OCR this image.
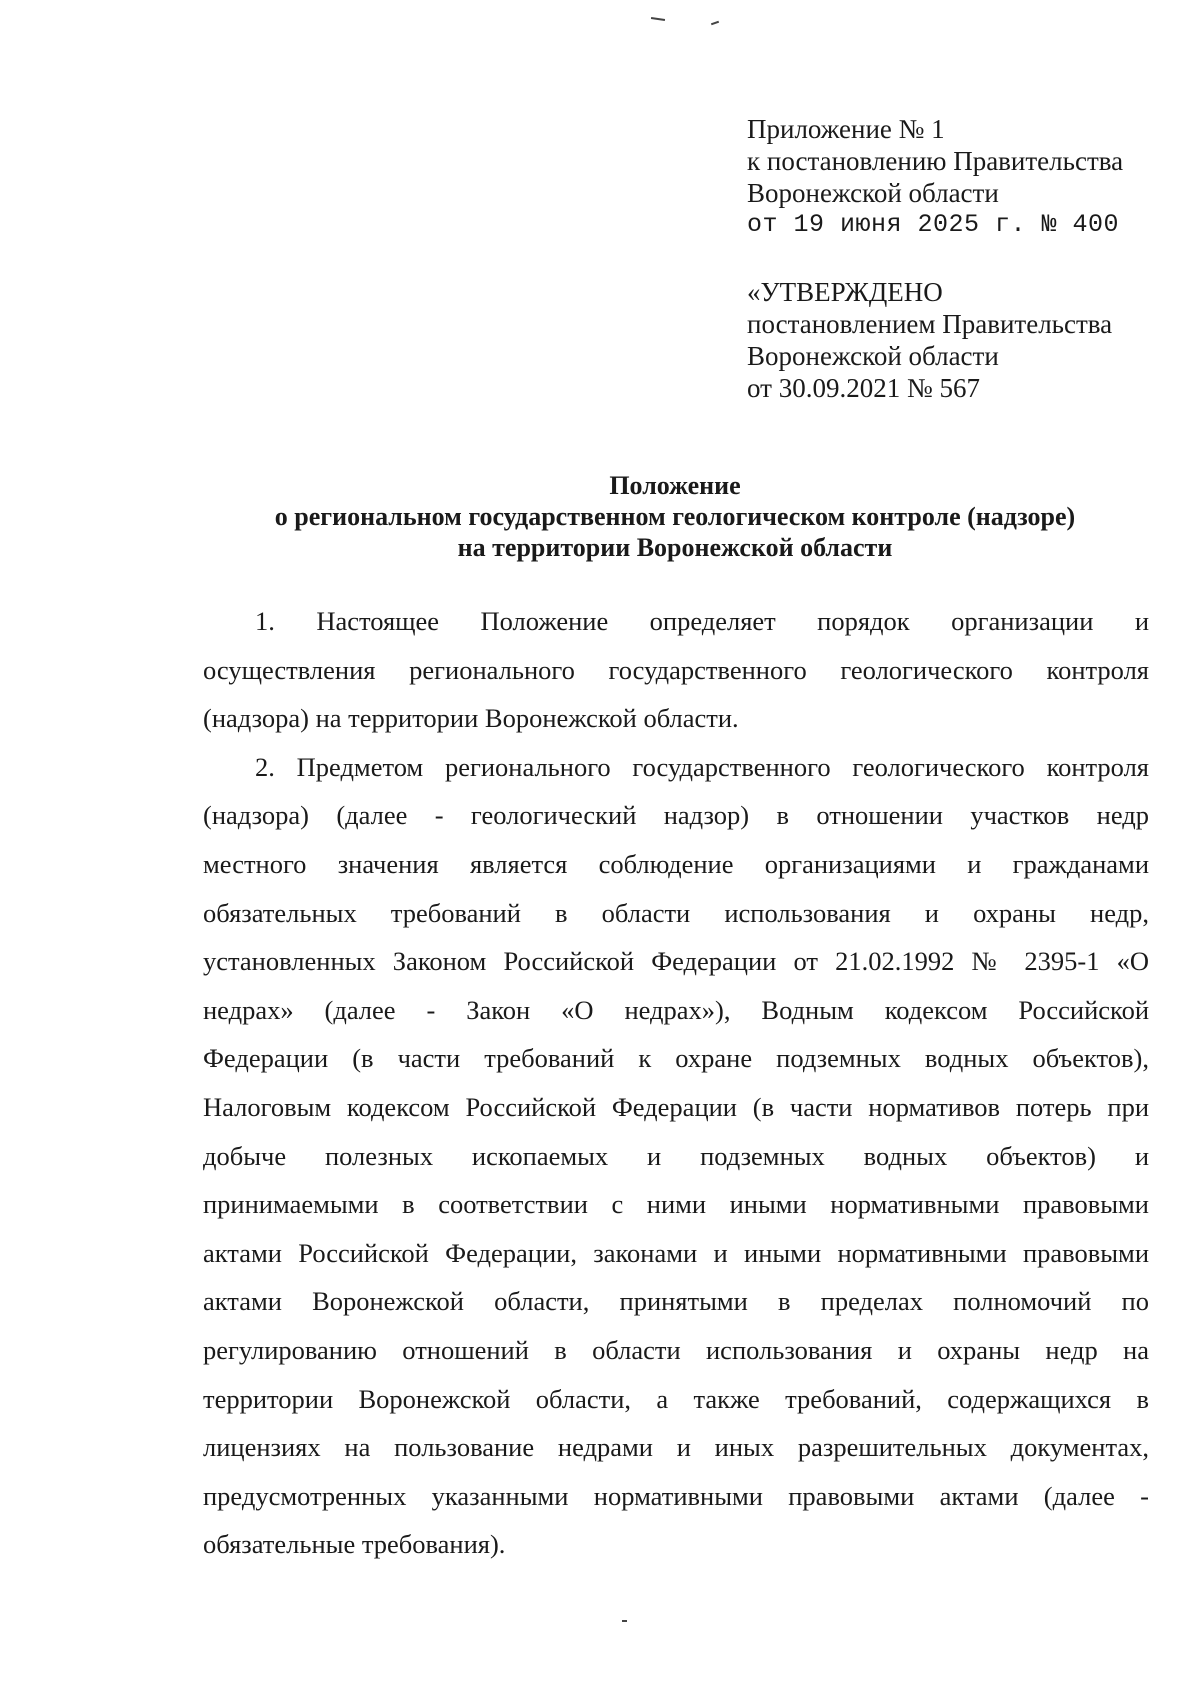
Приложение № 1
к постановлению Правительства
Воронежской области
от 19 июня 2025 г. № 400
«УТВЕРЖДЕНО
постановлением Правительства
Воронежской области
от 30.09.2021 № 567
Положение
о региональном государственном геологическом контроле (надзоре)
на территории Воронежской области

1. Настоящее Положение определяет порядок организации и
осуществления регионального государственного геологического контроля
(надзора) на территории Воронежской области.

2. Предметом регионального государственного геологического контроля
(надзора) (далее - геологический надзор) в отношении участков недр
местного значения является соблюдение организациями и гражданами
обязательных требований в области использования и охраны недр,
установленных Законом Российской Федерации от 21.02.1992 № 2395-1 «О
недрах» (далее - Закон «О недрах»), Водным кодексом Российской
Федерации (в части требований к охране подземных водных объектов),
Налоговым кодексом Российской Федерации (в части нормативов потерь при
добыче полезных ископаемых и подземных водных объектов) и
принимаемыми в соответствии с ними иными нормативными правовыми
актами Российской Федерации, законами и иными нормативными правовыми
актами Воронежской области, принятыми в пределах полномочий по
регулированию отношений в области использования и охраны недр на
территории Воронежской области, а также требований, содержащихся в
лицензиях на пользование недрами и иных разрешительных документах,
предусмотренных указанными нормативными правовыми актами (далее -
обязательные требования).
